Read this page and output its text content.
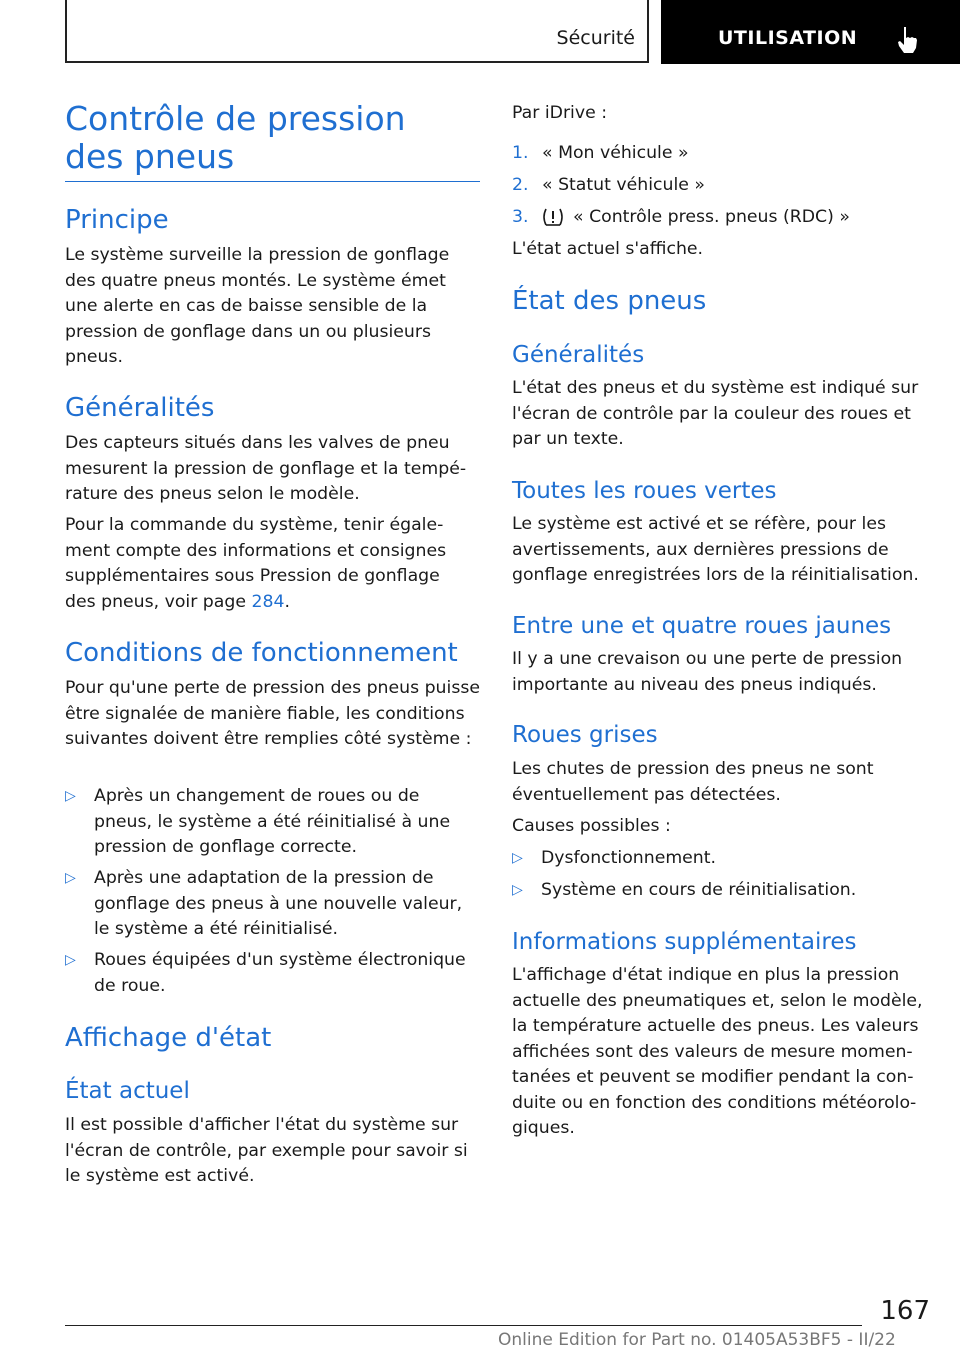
Sécurité	UTILISATION
Contrôle de pression des pneus
Principe

Le système surveille la pression de gonflage des quatre pneus montés. Le système émet une alerte en cas de baisse sensible de la pression de gonflage dans un ou plusieurs pneus.

Généralités

Des capteurs situés dans les valves de pneu mesurent la pression de gonflage et la température des pneus selon le modèle.

Pour la commande du système, tenir également compte des informations et consignes supplémentaires sous Pression de gonflage des pneus, voir page 284.

Conditions de fonctionnement

Pour qu'une perte de pression des pneus puisse être signalée de manière fiable, les conditions suivantes doivent être remplies côté système :

▷ Après un changement de roues ou de pneus, le système a été réinitialisé à une pression de gonflage correcte.

▷ Après une adaptation de la pression de gonflage des pneus à une nouvelle valeur, le système a été réinitialisé.

▷ Roues équipées d'un système électronique de roue.

Affichage d'état
État actuel

Il est possible d'afficher l'état du système sur l'écran de contrôle, par exemple pour savoir si le système est activé.

Par iDrive :

1. « Mon véhicule »
2. « Statut véhicule »
3.	« Contrôle press. pneus (RDC) »

L'état actuel s'affiche.

État des pneus
Généralités

L'état des pneus et du système est indiqué sur l'écran de contrôle par la couleur des roues et par un texte.

Toutes les roues vertes

Le système est activé et se réfère, pour les avertissements, aux dernières pressions de gonflage enregistrées lors de la réinitialisation.

Entre une et quatre roues jaunes

Il y a une crevaison ou une perte de pression importante au niveau des pneus indiqués.

Roues grises

Les chutes de pression des pneus ne sont éventuellement pas détectées.

Causes possibles :

▷ Dysfonctionnement.

▷ Système en cours de réinitialisation.

Informations supplémentaires

L'affichage d'état indique en plus la pression actuelle des pneumatiques et, selon le modèle, la température actuelle des pneus. Les valeurs affichées sont des valeurs de mesure momentanées et peuvent se modifier pendant la conduite ou en fonction des conditions météorologiques.

167
Online Edition for Part no. 01405A53BF5 - II/22
